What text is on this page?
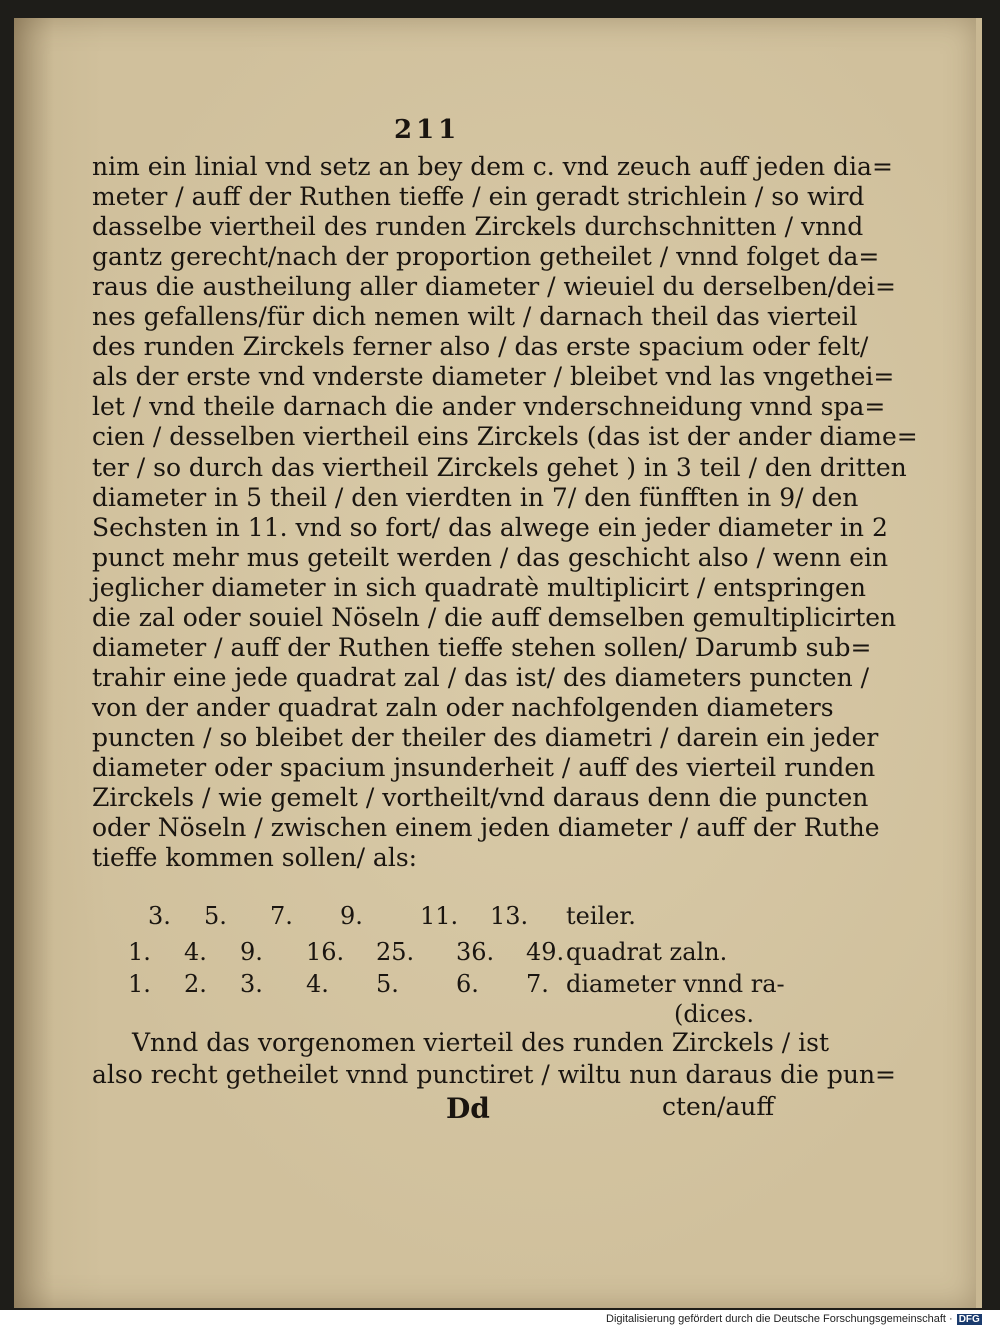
211
nim ein linial vnd setz an bey dem c. vnd zeuch auff jeden dia=
meter / auff der Ruthen tieffe / ein geradt strichlein / so wird
dasselbe viertheil des runden Zirckels durchschnitten / vnnd
gantz gerecht/nach der proportion getheilet / vnnd folget da=
raus die austheilung aller diameter / wieuiel du derselben/dei=
nes gefallens/für dich nemen wilt / darnach theil das vierteil
des runden Zirckels ferner also / das erste spacium oder felt/
als der erste vnd vnderste diameter / bleibet vnd las vngethei=
let / vnd theile darnach die ander vnderschneidung vnnd spa=
cien / desselben viertheil eins Zirckels (das ist der ander diame=
ter / so durch das viertheil Zirckels gehet ) in 3 teil / den dritten
diameter in 5 theil / den vierdten in 7/ den fünfften in 9/ den
Sechsten in 11. vnd so fort/ das alwege ein jeder diameter in 2
punct mehr mus geteilt werden / das geschicht also / wenn ein
jeglicher diameter in sich quadratè multiplicirt / entspringen
die zal oder souiel Nöseln / die auff demselben gemultiplicirten
diameter / auff der Ruthen tieffe stehen sollen/ Darumb sub=
trahir eine jede quadrat zal / das ist/ des diameters puncten /
von der ander quadrat zaln oder nachfolgenden diameters
puncten / so bleibet der theiler des diametri / darein ein jeder
diameter oder spacium jnsunderheit / auff des vierteil runden
Zirckels / wie gemelt / vortheilt/vnd daraus denn die puncten
oder Nöseln / zwischen einem jeden diameter / auff der Ruthe
tieffe kommen sollen/ als:
3. 5. 7. 9. 11. 13. teiler.
1. 4. 9. 16. 25. 36. 49. quadrat zaln.
1. 2. 3. 4. 5. 6. 7. diameter vnnd ra-
(dices.
Vnnd das vorgenomen vierteil des runden Zirckels / ist
also recht getheilet vnnd punctiret / wiltu nun daraus die pun=
Dd	cten/auff
Digitalisierung gefördert durch die Deutsche Forschungsgemeinschaft · DFG
